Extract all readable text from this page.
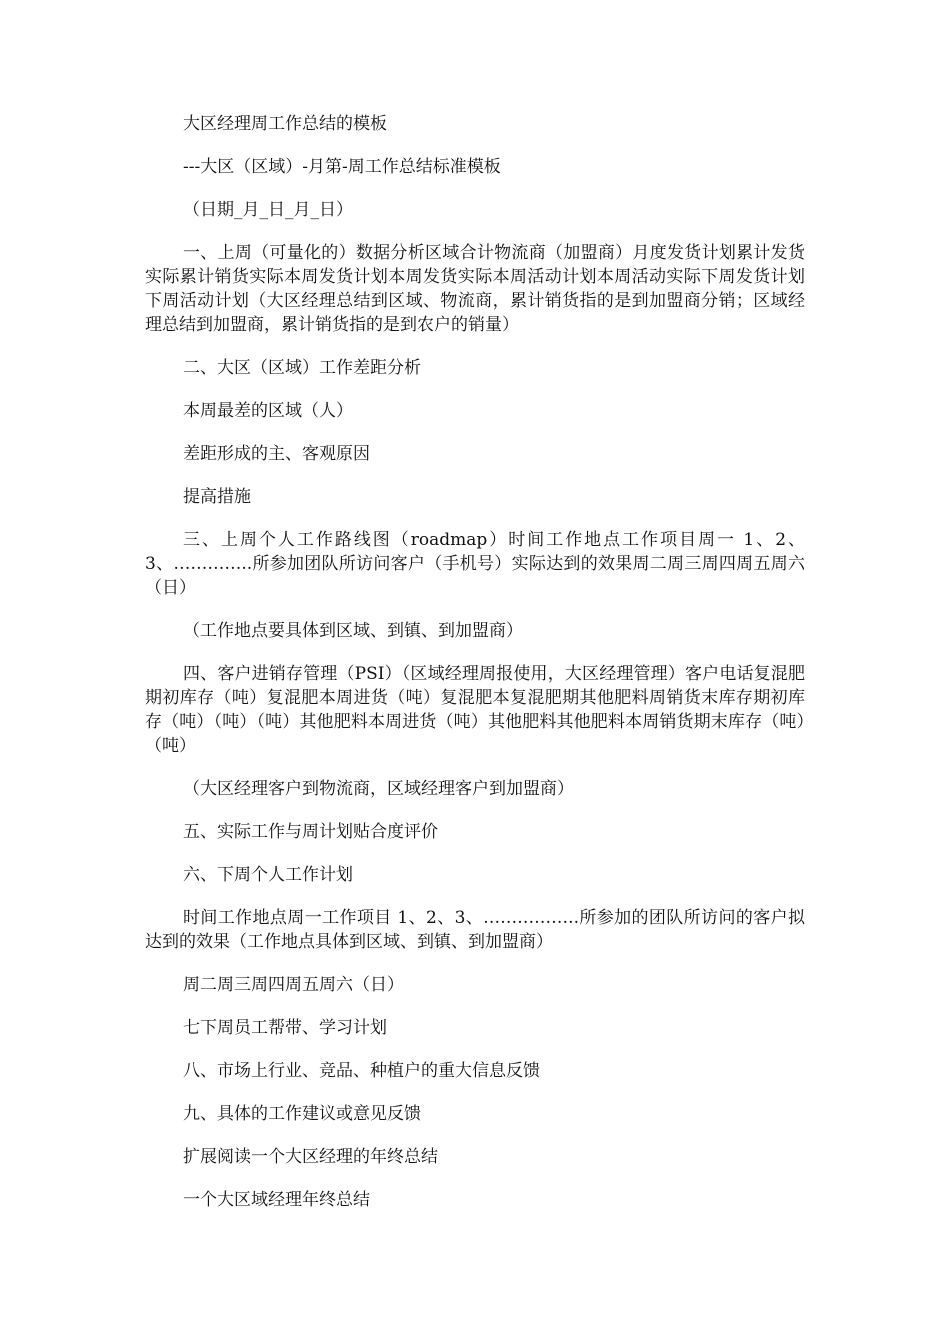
大区经理周工作总结的模板

---大区（区域）-月第-周工作总结标准模板

（日期_月_日_月_日）

一、上周（可量化的）数据分析区域合计物流商（加盟商）月度发货计划累计发货实际累计销货实际本周发货计划本周发货实际本周活动计划本周活动实际下周发货计划下周活动计划（大区经理总结到区域、物流商，累计销货指的是到加盟商分销；区域经理总结到加盟商，累计销货指的是到农户的销量）

二、大区（区域）工作差距分析

本周最差的区域（人）

差距形成的主、客观原因

提高措施

三、上周个人工作路线图（roadmap）时间工作地点工作项目周一 1、2、3、…………..所参加团队所访问客户（手机号）实际达到的效果周二周三周四周五周六（日）

（工作地点要具体到区域、到镇、到加盟商）

四、客户进销存管理（PSI）（区域经理周报使用，大区经理管理）客户电话复混肥期初库存（吨）复混肥本周进货（吨）复混肥本复混肥期其他肥料周销货末库存期初库存（吨）（吨）（吨）其他肥料本周进货（吨）其他肥料其他肥料本周销货期末库存（吨）（吨）

（大区经理客户到物流商，区域经理客户到加盟商）

五、实际工作与周计划贴合度评价

六、下周个人工作计划

时间工作地点周一工作项目 1、2、3、……………..所参加的团队所访问的客户拟达到的效果（工作地点具体到区域、到镇、到加盟商）

周二周三周四周五周六（日）

七下周员工帮带、学习计划

八、市场上行业、竞品、种植户的重大信息反馈

九、具体的工作建议或意见反馈

扩展阅读一个大区经理的年终总结

一个大区域经理年终总结
